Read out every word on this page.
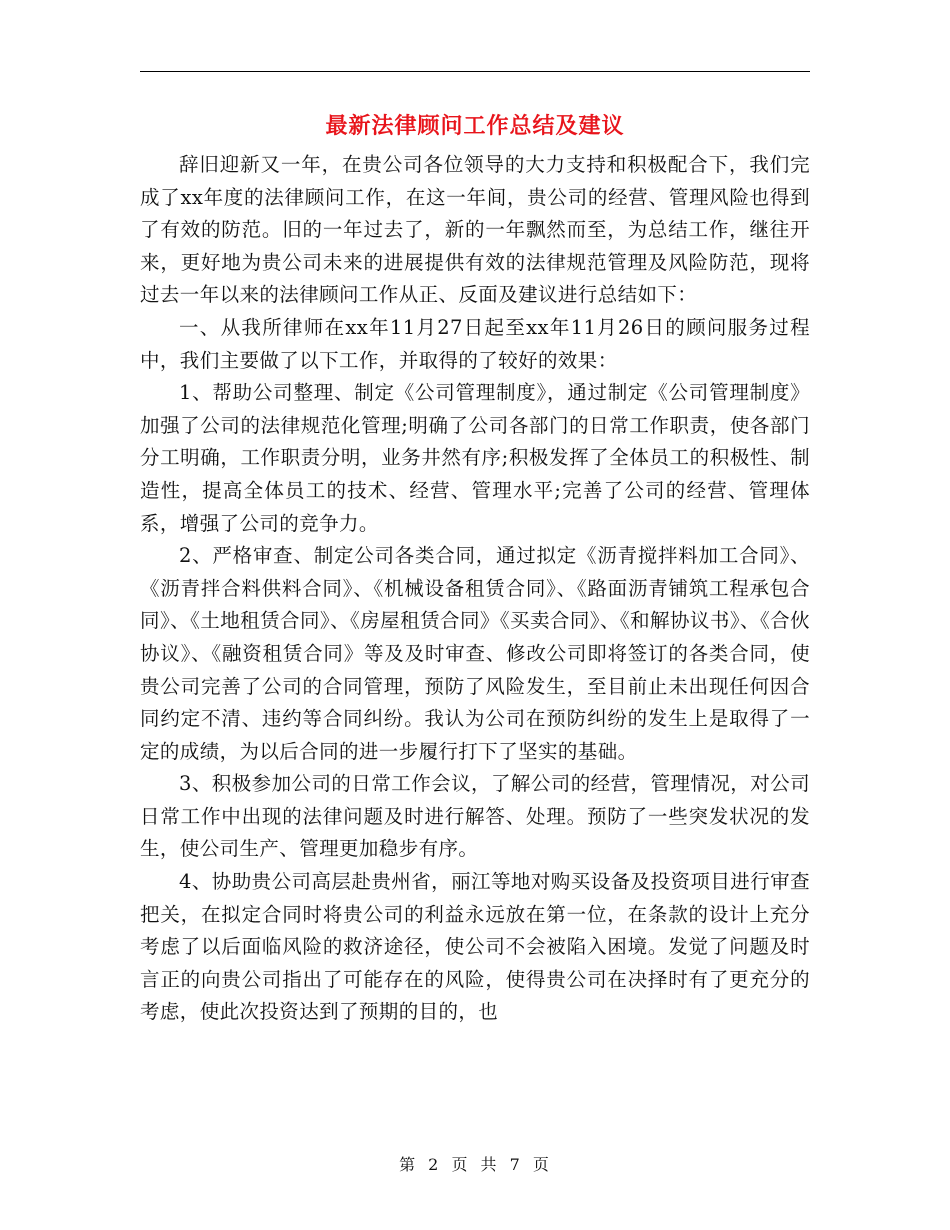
最新法律顾问工作总结及建议

辞旧迎新又一年，在贵公司各位领导的大力支持和积极配合下，我们完成了xx年度的法律顾问工作，在这一年间，贵公司的经营、管理风险也得到了有效的防范。旧的一年过去了，新的一年飘然而至，为总结工作，继往开来，更好地为贵公司未来的进展提供有效的法律规范管理及风险防范，现将过去一年以来的法律顾问工作从正、反面及建议进行总结如下：

一、从我所律师在xx年11月27日起至xx年11月26日的顾问服务过程中，我们主要做了以下工作，并取得的了较好的效果：

1、帮助公司整理、制定《公司管理制度》，通过制定《公司管理制度》加强了公司的法律规范化管理;明确了公司各部门的日常工作职责，使各部门分工明确，工作职责分明，业务井然有序;积极发挥了全体员工的积极性、制造性，提高全体员工的技术、经营、管理水平;完善了公司的经营、管理体系，增强了公司的竞争力。

2、严格审查、制定公司各类合同，通过拟定《沥青搅拌料加工合同》、《沥青拌合料供料合同》、《机械设备租赁合同》、《路面沥青铺筑工程承包合同》、《土地租赁合同》、《房屋租赁合同》《买卖合同》、《和解协议书》、《合伙协议》、《融资租赁合同》等及及时审查、修改公司即将签订的各类合同，使贵公司完善了公司的合同管理，预防了风险发生，至目前止未出现任何因合同约定不清、违约等合同纠纷。我认为公司在预防纠纷的发生上是取得了一定的成绩，为以后合同的进一步履行打下了坚实的基础。

3、积极参加公司的日常工作会议，了解公司的经营，管理情况，对公司日常工作中出现的法律问题及时进行解答、处理。预防了一些突发状况的发生，使公司生产、管理更加稳步有序。

4、协助贵公司高层赴贵州省，丽江等地对购买设备及投资项目进行审查把关，在拟定合同时将贵公司的利益永远放在第一位，在条款的设计上充分考虑了以后面临风险的救济途径，使公司不会被陷入困境。发觉了问题及时言正的向贵公司指出了可能存在的风险，使得贵公司在决择时有了更充分的考虑，使此次投资达到了预期的目的，也

第 2 页 共 7 页
